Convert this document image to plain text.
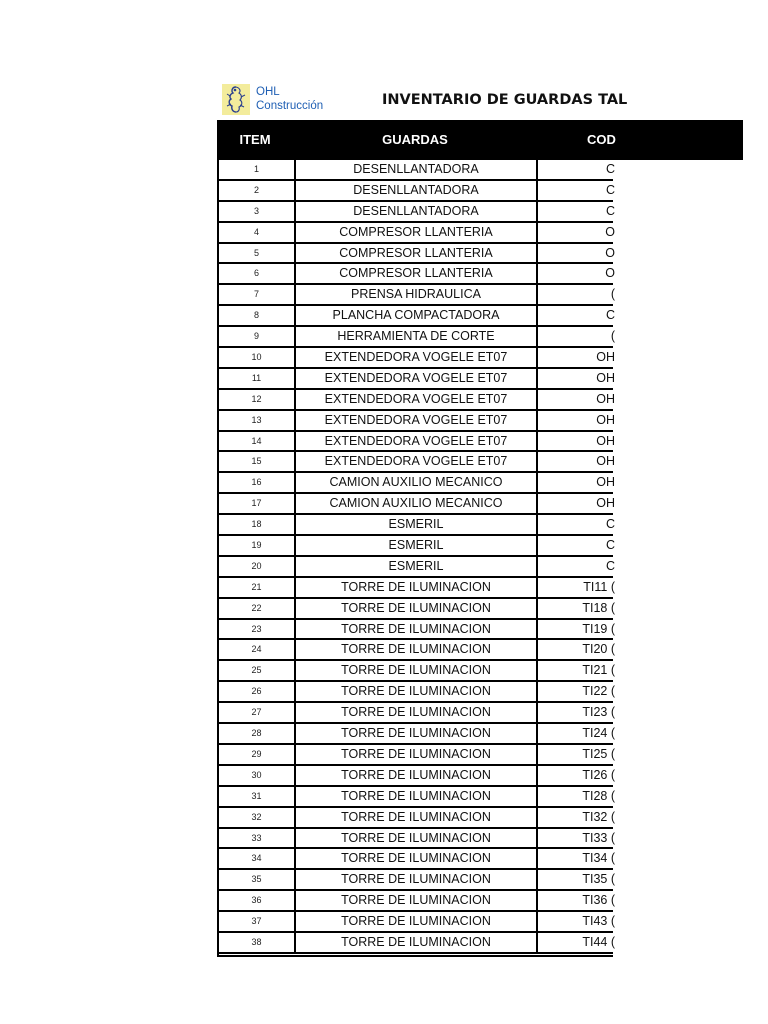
OHL
Construcción	INVENTARIO DE GUARDAS TAL
ITEM	GUARDAS	COD
1	DESENLLANTADORA	C
2	DESENLLANTADORA	C
3	DESENLLANTADORA	C
4	COMPRESOR LLANTERIA	O
5	COMPRESOR LLANTERIA	O
6	COMPRESOR LLANTERIA	O
7	PRENSA HIDRAULICA	(
8	PLANCHA COMPACTADORA	C
9	HERRAMIENTA DE CORTE	(
10	EXTENDEDORA VOGELE ET07	OH
11	EXTENDEDORA VOGELE ET07	OH
12	EXTENDEDORA VOGELE ET07	OH
13	EXTENDEDORA VOGELE ET07	OH
14	EXTENDEDORA VOGELE ET07	OH
15	EXTENDEDORA VOGELE ET07	OH
16	CAMION AUXILIO MECANICO	OH
17	CAMION AUXILIO MECANICO	OH
18	ESMERIL	C
19	ESMERIL	C
20	ESMERIL	C
21	TORRE DE ILUMINACION	TI11 (
22	TORRE DE ILUMINACION	TI18 (
23	TORRE DE ILUMINACION	TI19 (
24	TORRE DE ILUMINACION	TI20 (
25	TORRE DE ILUMINACION	TI21 (
26	TORRE DE ILUMINACION	TI22 (
27	TORRE DE ILUMINACION	TI23 (
28	TORRE DE ILUMINACION	TI24 (
29	TORRE DE ILUMINACION	TI25 (
30	TORRE DE ILUMINACION	TI26 (
31	TORRE DE ILUMINACION	TI28 (
32	TORRE DE ILUMINACION	TI32 (
33	TORRE DE ILUMINACION	TI33 (
34	TORRE DE ILUMINACION	TI34 (
35	TORRE DE ILUMINACION	TI35 (
36	TORRE DE ILUMINACION	TI36 (
37	TORRE DE ILUMINACION	TI43 (
38	TORRE DE ILUMINACION	TI44 (
